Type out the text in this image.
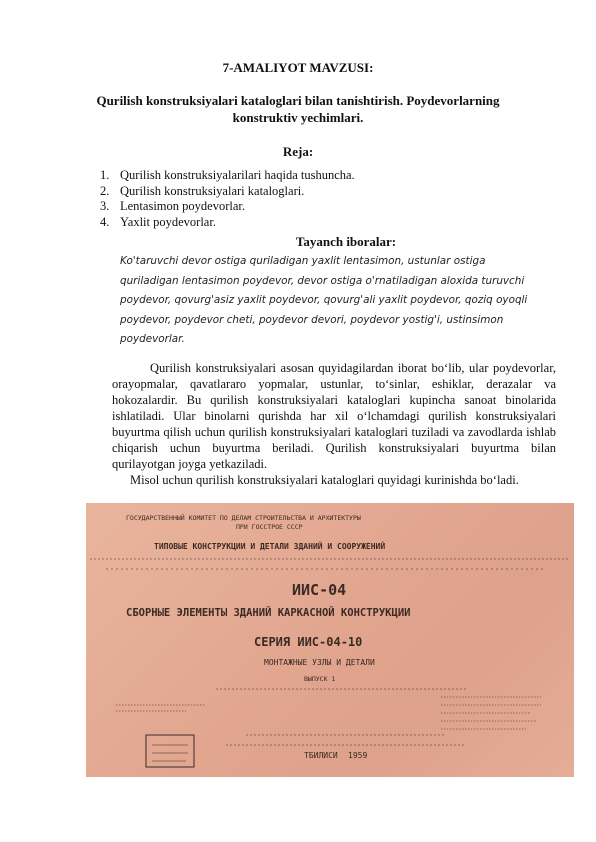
7-AMALIYOT MAVZUSI:
Qurilish konstruksiyalari kataloglari bilan tanishtirish. Poydevorlarning konstruktiv yechimlari.
Reja:
1. Qurilish konstruksiyalarilari haqida tushuncha.
2. Qurilish konstruksiyalari kataloglari.
3. Lentasimon poydevorlar.
4. Yaxlit poydevorlar.
Tayanch iboralar:
Ko'taruvchi devor ostiga quriladigan yaxlit lentasimon, ustunlar ostiga quriladigan lentasimon poydevor, devor ostiga o'rnatiladigan aloxida turuvchi poydevor, qovurg'asiz yaxlit poydevor, qovurg'ali yaxlit poydevor, qoziq oyoqli poydevor, poydevor cheti, poydevor devori, poydevor yostig'i, ustinsimon poydevorlar.

Qurilish konstruksiyalari asosan quyidagilardan iborat bo‘lib, ular poydevorlar, orayopmalar, qavatlararo yopmalar, ustunlar, to‘sinlar, eshiklar, derazalar va hokozalardir. Bu qurilish konstruksiyalari kataloglari kupincha sanoat binolarida ishlatiladi. Ular binolarni qurishda har xil o‘lchamdagi qurilish konstruksiyalari buyurtma qilish uchun qurilish konstruksiyalari kataloglari tuziladi va zavodlarda ishlab chiqarish uchun buyurtma beriladi. Qurilish konstruksiyalari buyurtma bilan qurilayotgan joyga yetkaziladi.

Misol uchun qurilish konstruksiyalari kataloglari quyidagi kurinishda bo‘ladi.

ГОСУДАРСТВЕННЫЙ КОМИТЕТ ПО ДЕЛАМ СТРОИТЕЛЬСТВА И АРХИТЕКТУРЫ
ПРИ ГОССТРОЕ СССР
ТИПОВЫЕ КОНСТРУКЦИИ И ДЕТАЛИ ЗДАНИЙ И СООРУЖЕНИЙ
ИИС-04
СБОРНЫЕ ЭЛЕМЕНТЫ ЗДАНИЙ КАРКАСНОЙ КОНСТРУКЦИИ
СЕРИЯ ИИС-04-10
МОНТАЖНЫЕ УЗЛЫ И ДЕТАЛИ
ВЫПУСК 1
ТБИЛИСИ 1959
